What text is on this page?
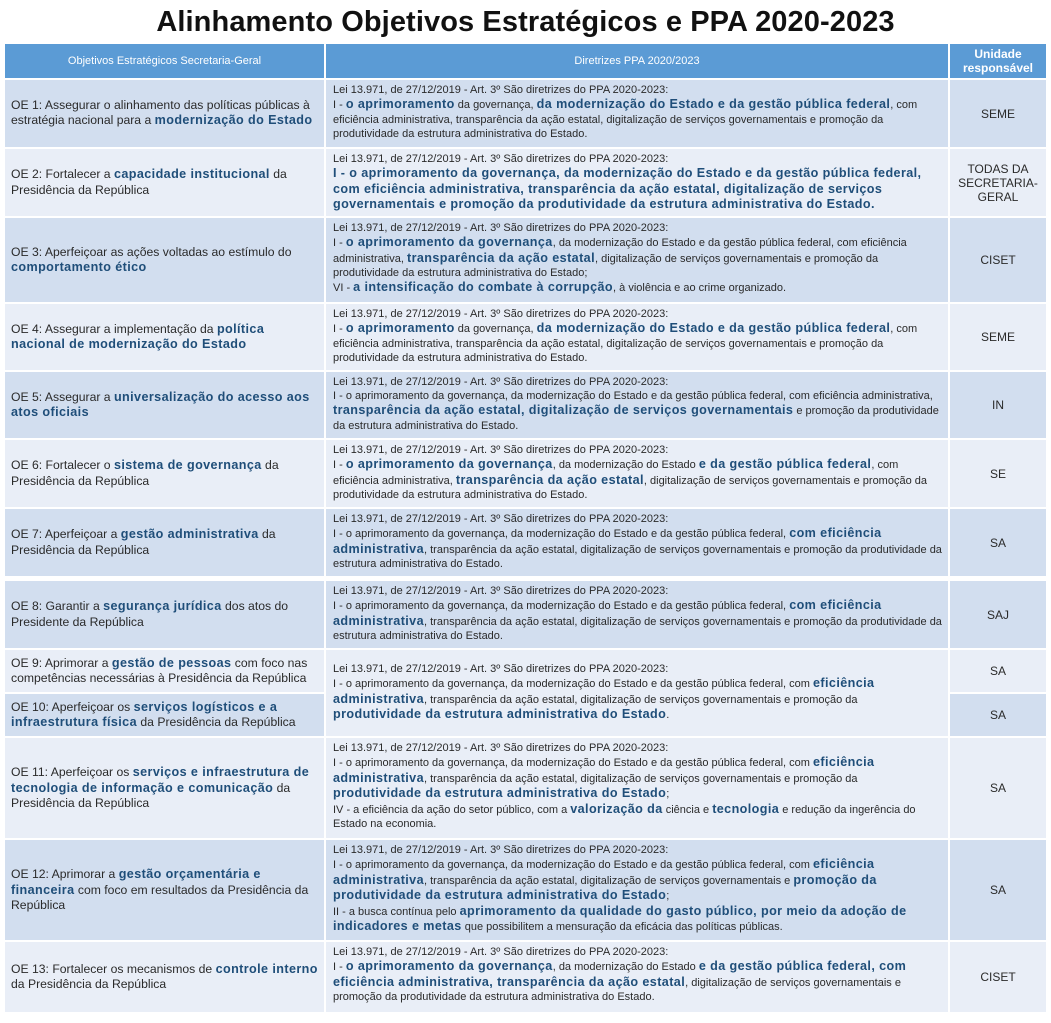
Alinhamento Objetivos Estratégicos e PPA 2020-2023
Objetivos Estratégicos Secretaria-Geral	Diretrizes PPA 2020/2023	Unidade responsável
OE 1: Assegurar o alinhamento das políticas públicas à estratégia nacional para a modernização do Estado
Lei 13.971, de 27/12/2019 - Art. 3º São diretrizes do PPA 2020-2023:
I - o aprimoramento da governança, da modernização do Estado e da gestão pública federal, com eficiência administrativa, transparência da ação estatal, digitalização de serviços governamentais e promoção da produtividade da estrutura administrativa do Estado.
SEME
OE 2: Fortalecer a capacidade institucional da Presidência da República
Lei 13.971, de 27/12/2019 - Art. 3º São diretrizes do PPA 2020-2023:
I - o aprimoramento da governança, da modernização do Estado e da gestão pública federal, com eficiência administrativa, transparência da ação estatal, digitalização de serviços governamentais e promoção da produtividade da estrutura administrativa do Estado.
TODAS DA SECRETARIA-GERAL
OE 3: Aperfeiçoar as ações voltadas ao estímulo do comportamento ético
Lei 13.971, de 27/12/2019 - Art. 3º São diretrizes do PPA 2020-2023:
I - o aprimoramento da governança, da modernização do Estado e da gestão pública federal, com eficiência administrativa, transparência da ação estatal, digitalização de serviços governamentais e promoção da produtividade da estrutura administrativa do Estado;
VI - a intensificação do combate à corrupção, à violência e ao crime organizado.
CISET
OE 4: Assegurar a implementação da política nacional de modernização do Estado
Lei 13.971, de 27/12/2019 - Art. 3º São diretrizes do PPA 2020-2023:
I - o aprimoramento da governança, da modernização do Estado e da gestão pública federal, com eficiência administrativa, transparência da ação estatal, digitalização de serviços governamentais e promoção da produtividade da estrutura administrativa do Estado.
SEME
OE 5: Assegurar a universalização do acesso aos atos oficiais
Lei 13.971, de 27/12/2019 - Art. 3º São diretrizes do PPA 2020-2023:
I - o aprimoramento da governança, da modernização do Estado e da gestão pública federal, com eficiência administrativa, transparência da ação estatal, digitalização de serviços governamentais e promoção da produtividade da estrutura administrativa do Estado.
IN
OE 6: Fortalecer o sistema de governança da Presidência da República
Lei 13.971, de 27/12/2019 - Art. 3º São diretrizes do PPA 2020-2023:
I - o aprimoramento da governança, da modernização do Estado e da gestão pública federal, com eficiência administrativa, transparência da ação estatal, digitalização de serviços governamentais e promoção da produtividade da estrutura administrativa do Estado.
SE
OE 7: Aperfeiçoar a gestão administrativa da Presidência da República
Lei 13.971, de 27/12/2019 - Art. 3º São diretrizes do PPA 2020-2023:
I - o aprimoramento da governança, da modernização do Estado e da gestão pública federal, com eficiência administrativa, transparência da ação estatal, digitalização de serviços governamentais e promoção da produtividade da estrutura administrativa do Estado.
SA
OE 8: Garantir a segurança jurídica dos atos do Presidente da República
Lei 13.971, de 27/12/2019 - Art. 3º São diretrizes do PPA 2020-2023:
I - o aprimoramento da governança, da modernização do Estado e da gestão pública federal, com eficiência administrativa, transparência da ação estatal, digitalização de serviços governamentais e promoção da produtividade da estrutura administrativa do Estado.
SAJ
OE 9: Aprimorar a gestão de pessoas com foco nas competências necessárias à Presidência da República
OE 10: Aperfeiçoar os serviços logísticos e a infraestrutura física da Presidência da República
Lei 13.971, de 27/12/2019 - Art. 3º São diretrizes do PPA 2020-2023:
I - o aprimoramento da governança, da modernização do Estado e da gestão pública federal, com eficiência administrativa, transparência da ação estatal, digitalização de serviços governamentais e promoção da produtividade da estrutura administrativa do Estado.
SA
SA
OE 11: Aperfeiçoar os serviços e infraestrutura de tecnologia de informação e comunicação da Presidência da República
Lei 13.971, de 27/12/2019 - Art. 3º São diretrizes do PPA 2020-2023:
I - o aprimoramento da governança, da modernização do Estado e da gestão pública federal, com eficiência administrativa, transparência da ação estatal, digitalização de serviços governamentais e promoção da produtividade da estrutura administrativa do Estado;
IV - a eficiência da ação do setor público, com a valorização da ciência e tecnologia e redução da ingerência do Estado na economia.
SA
OE 12: Aprimorar a gestão orçamentária e financeira com foco em resultados da Presidência da República
Lei 13.971, de 27/12/2019 - Art. 3º São diretrizes do PPA 2020-2023:
I - o aprimoramento da governança, da modernização do Estado e da gestão pública federal, com eficiência administrativa, transparência da ação estatal, digitalização de serviços governamentais e promoção da produtividade da estrutura administrativa do Estado;
II - a busca contínua pelo aprimoramento da qualidade do gasto público, por meio da adoção de indicadores e metas que possibilitem a mensuração da eficácia das políticas públicas.
SA
OE 13: Fortalecer os mecanismos de controle interno da Presidência da República
Lei 13.971, de 27/12/2019 - Art. 3º São diretrizes do PPA 2020-2023:
I - o aprimoramento da governança, da modernização do Estado e da gestão pública federal, com eficiência administrativa, transparência da ação estatal, digitalização de serviços governamentais e promoção da produtividade da estrutura administrativa do Estado.
CISET
